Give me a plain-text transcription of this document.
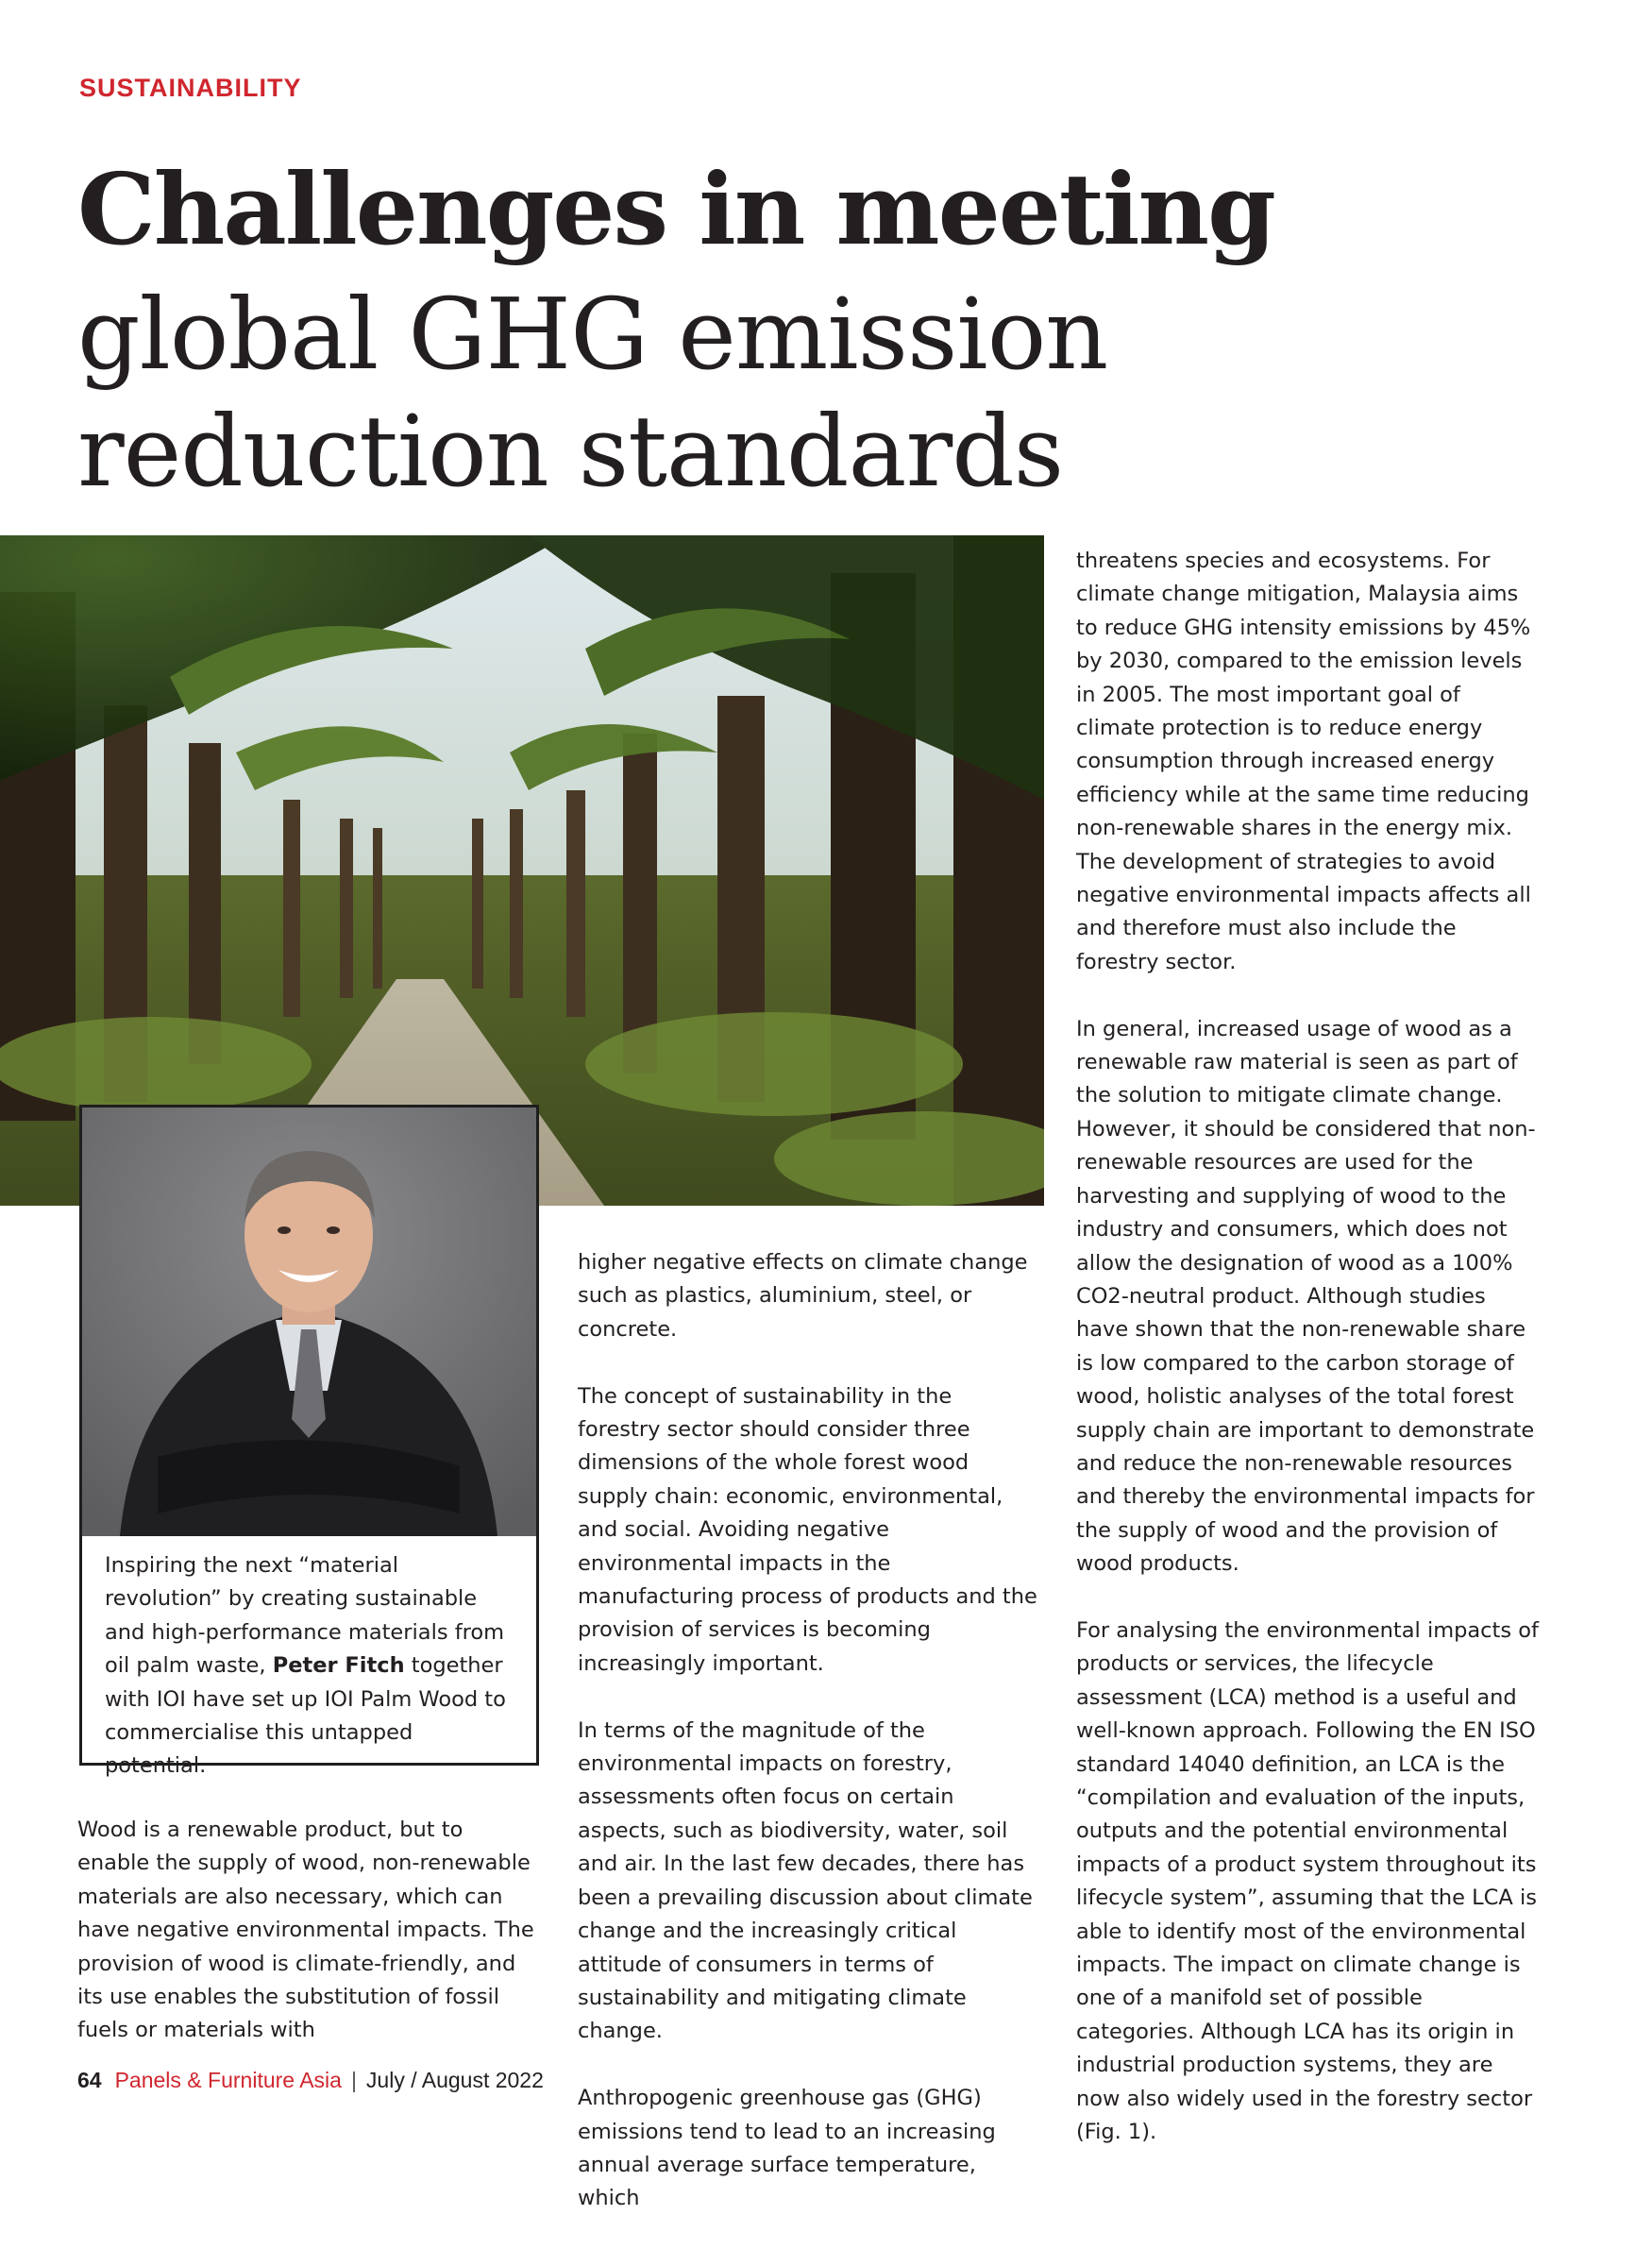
SUSTAINABILITY
Challenges in meeting
global GHG emission
reduction standards
Inspiring the next “material revolution” by creating sustainable and high-performance materials from oil palm waste, Peter Fitch together with IOI have set up IOI Palm Wood to commercialise this untapped potential.

Wood is a renewable product, but to enable the supply of wood, non-renewable materials are also necessary, which can have negative environmental impacts. The provision of wood is climate-friendly, and its use enables the substitution of fossil fuels or materials with

higher negative effects on climate change such as plastics, aluminium, steel, or concrete.

The concept of sustainability in the forestry sector should consider three dimensions of the whole forest wood supply chain: economic, environmental, and social. Avoiding negative environmental impacts in the manufacturing process of products and the provision of services is becoming increasingly important.

In terms of the magnitude of the environmental impacts on forestry, assessments often focus on certain aspects, such as biodiversity, water, soil and air. In the last few decades, there has been a prevailing discussion about climate change and the increasingly critical attitude of consumers in terms of sustainability and mitigating climate change.

Anthropogenic greenhouse gas (GHG) emissions tend to lead to an increasing annual average surface temperature, which

threatens species and ecosystems. For climate change mitigation, Malaysia aims to reduce GHG intensity emissions by 45% by 2030, compared to the emission levels in 2005. The most important goal of climate protection is to reduce energy consumption through increased energy efficiency while at the same time reducing non-renewable shares in the energy mix. The development of strategies to avoid negative environmental impacts affects all and therefore must also include the forestry sector.

In general, increased usage of wood as a renewable raw material is seen as part of the solution to mitigate climate change. However, it should be considered that non-renewable resources are used for the harvesting and supplying of wood to the industry and consumers, which does not allow the designation of wood as a 100% CO2-neutral product. Although studies have shown that the non-renewable share is low compared to the carbon storage of wood, holistic analyses of the total forest supply chain are important to demonstrate and reduce the non-renewable resources and thereby the environmental impacts for the supply of wood and the provision of wood products.

For analysing the environmental impacts of products or services, the lifecycle assessment (LCA) method is a useful and well-known approach. Following the EN ISO standard 14040 definition, an LCA is the “compilation and evaluation of the inputs, outputs and the potential environmental impacts of a product system throughout its lifecycle system”, assuming that the LCA is able to identify most of the environmental impacts. The impact on climate change is one of a manifold set of possible categories. Although LCA has its origin in industrial production systems, they are now also widely used in the forestry sector (Fig. 1).

64 Panels & Furniture Asia | July / August 2022
